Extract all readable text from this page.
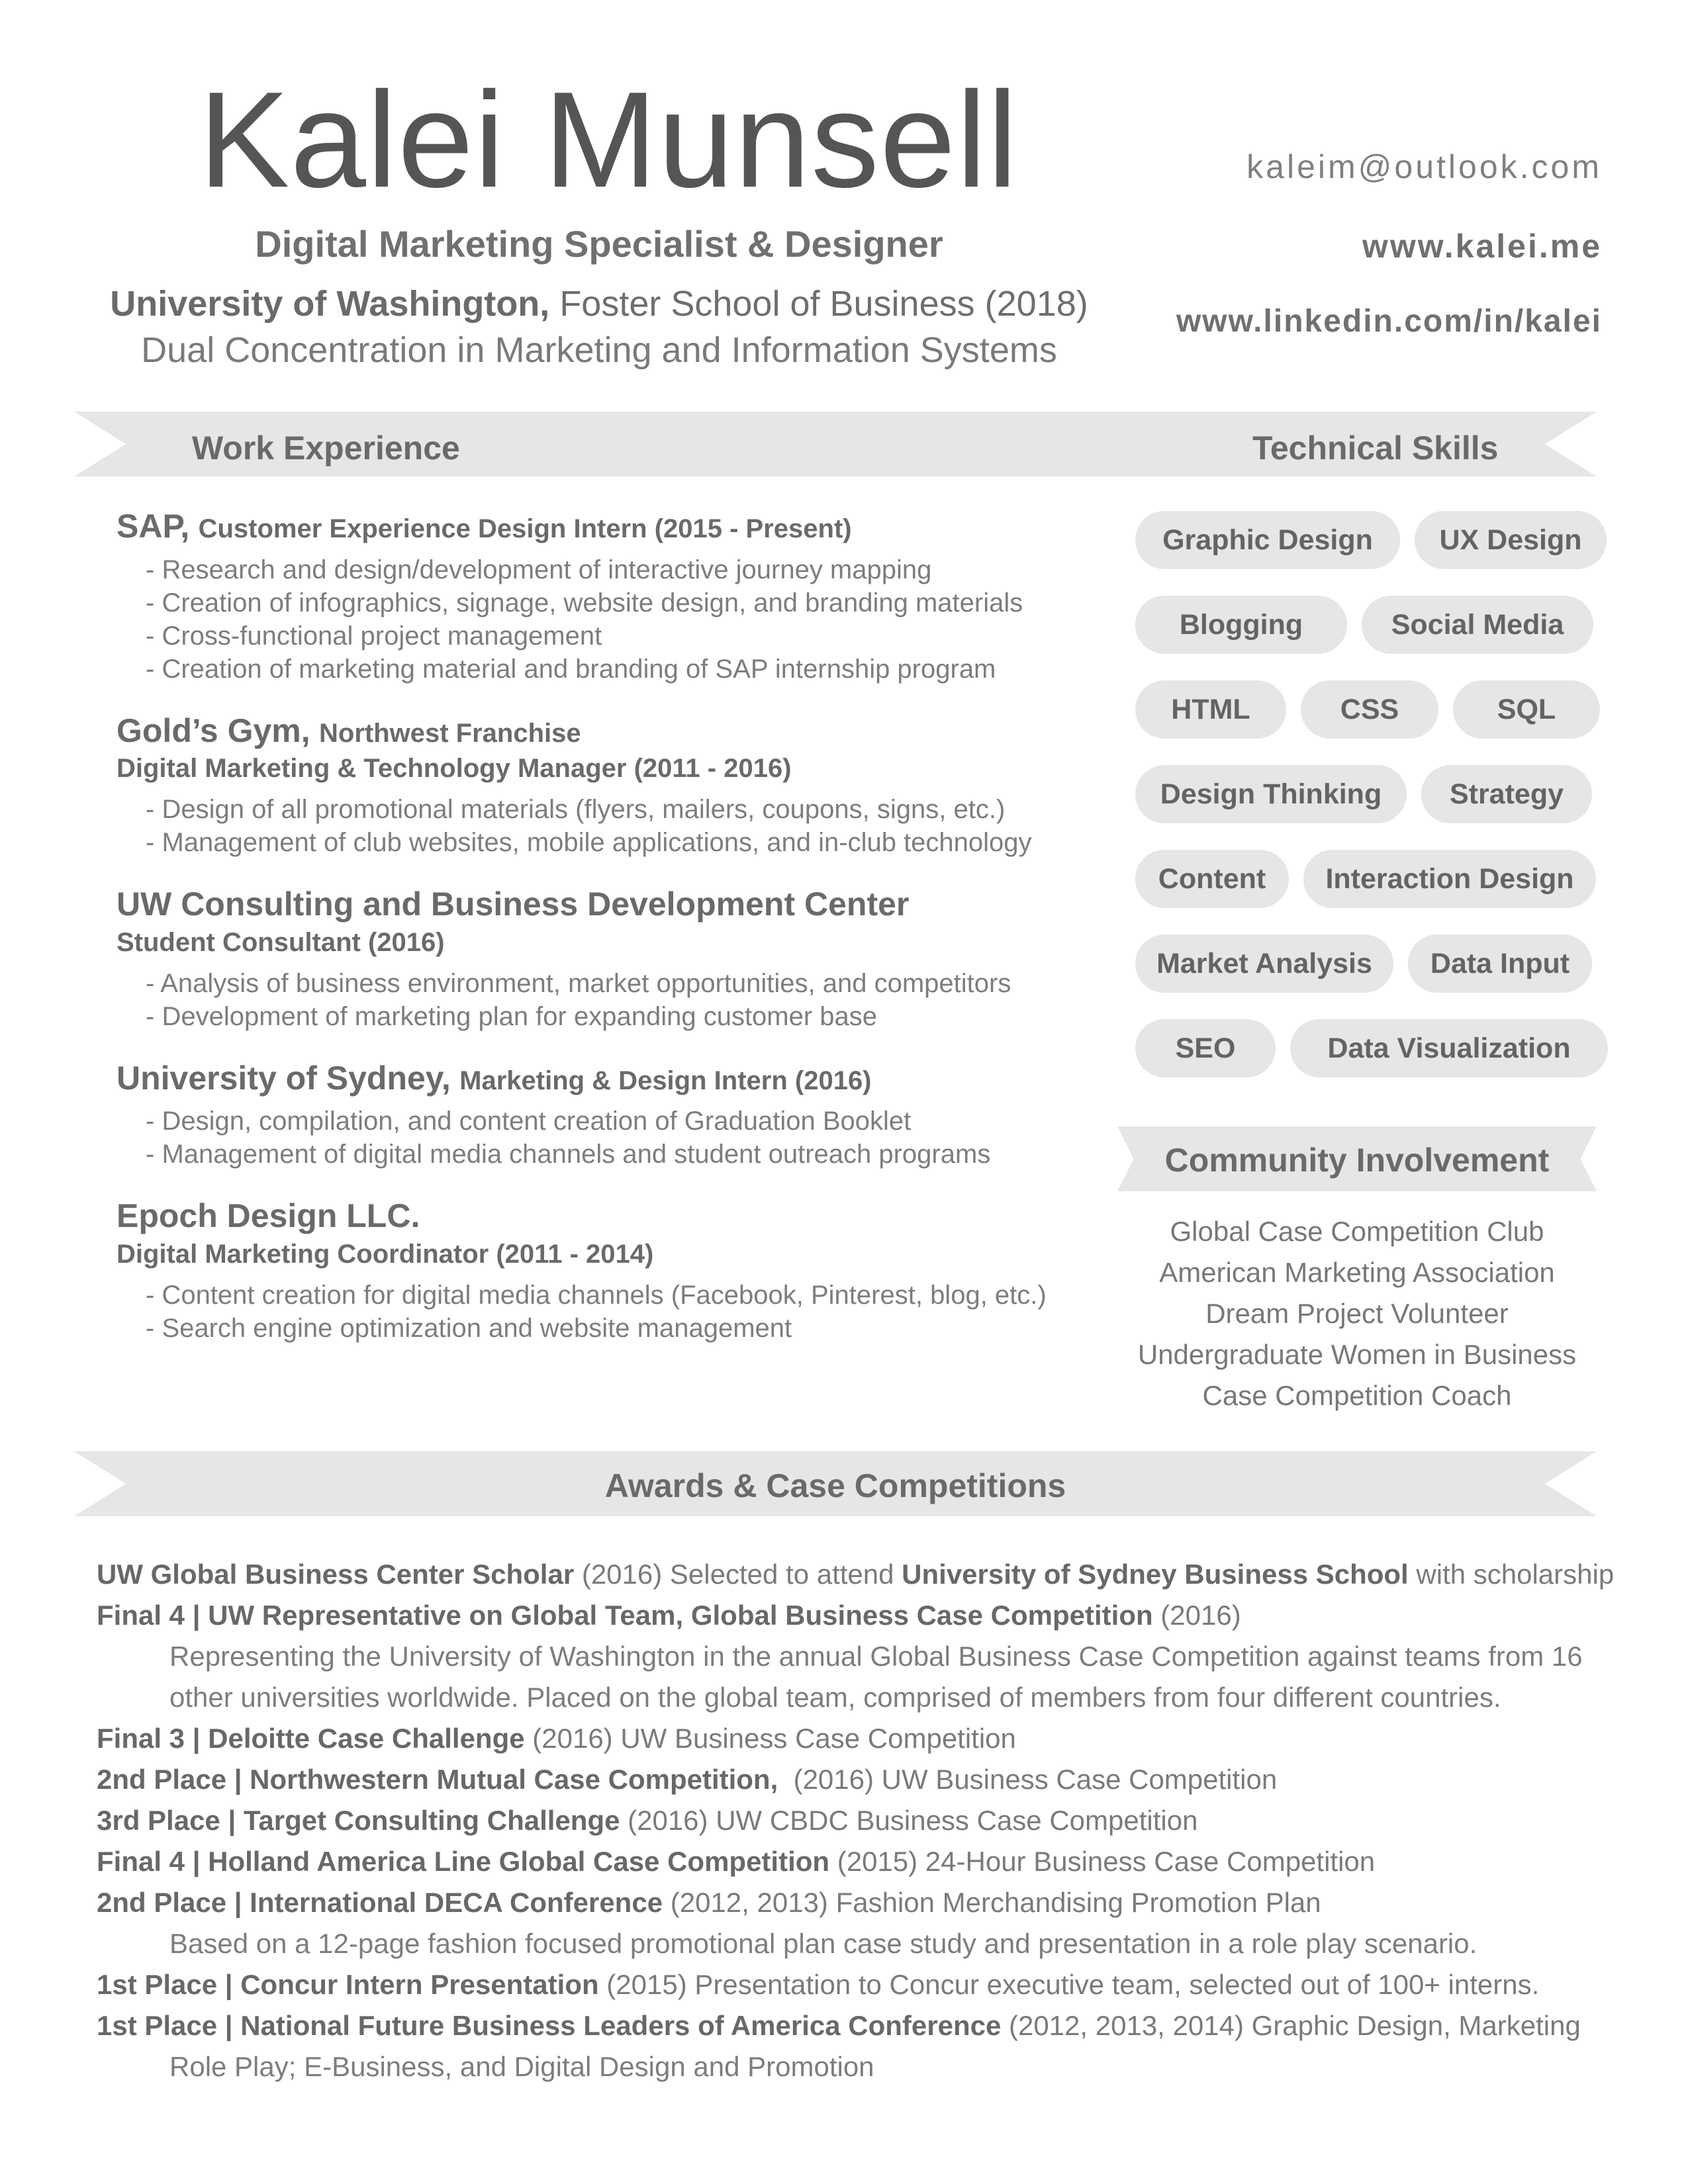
Kalei Munsell
Digital Marketing Specialist & Designer
University of Washington, Foster School of Business (2018)
Dual Concentration in Marketing and Information Systems
kaleim@outlook.com
www.kalei.me
www.linkedin.com/in/kalei
Work Experience	Technical Skills
SAP, Customer Experience Design Intern (2015 - Present)
- Research and design/development of interactive journey mapping
- Creation of infographics, signage, website design, and branding materials
- Cross-functional project management
- Creation of marketing material and branding of SAP internship program
Gold’s Gym, Northwest Franchise
Digital Marketing & Technology Manager (2011 - 2016)
- Design of all promotional materials (flyers, mailers, coupons, signs, etc.)
- Management of club websites, mobile applications, and in-club technology
UW Consulting and Business Development Center
Student Consultant (2016)
- Analysis of business environment, market opportunities, and competitors
- Development of marketing plan for expanding customer base
University of Sydney, Marketing & Design Intern (2016)
- Design, compilation, and content creation of Graduation Booklet
- Management of digital media channels and student outreach programs
Epoch Design LLC.
Digital Marketing Coordinator (2011 - 2014)
- Content creation for digital media channels (Facebook, Pinterest, blog, etc.)
- Search engine optimization and website management
Graphic Design	UX Design
Blogging	Social Media
HTML	CSS	SQL
Design Thinking	Strategy
Content	Interaction Design
Market Analysis	Data Input
SEO	Data Visualization
Community Involvement
Global Case Competition Club
American Marketing Association
Dream Project Volunteer
Undergraduate Women in Business
Case Competition Coach
Awards & Case Competitions
UW Global Business Center Scholar (2016) Selected to attend University of Sydney Business School with scholarship
Final 4 | UW Representative on Global Team, Global Business Case Competition (2016)
Representing the University of Washington in the annual Global Business Case Competition against teams from 16
other universities worldwide. Placed on the global team, comprised of members from four different countries.
Final 3 | Deloitte Case Challenge (2016) UW Business Case Competition
2nd Place | Northwestern Mutual Case Competition,  (2016) UW Business Case Competition
3rd Place | Target Consulting Challenge (2016) UW CBDC Business Case Competition
Final 4 | Holland America Line Global Case Competition (2015) 24-Hour Business Case Competition
2nd Place | International DECA Conference (2012, 2013) Fashion Merchandising Promotion Plan
Based on a 12-page fashion focused promotional plan case study and presentation in a role play scenario.
1st Place | Concur Intern Presentation (2015) Presentation to Concur executive team, selected out of 100+ interns.
1st Place | National Future Business Leaders of America Conference (2012, 2013, 2014) Graphic Design, Marketing
Role Play; E-Business, and Digital Design and Promotion
